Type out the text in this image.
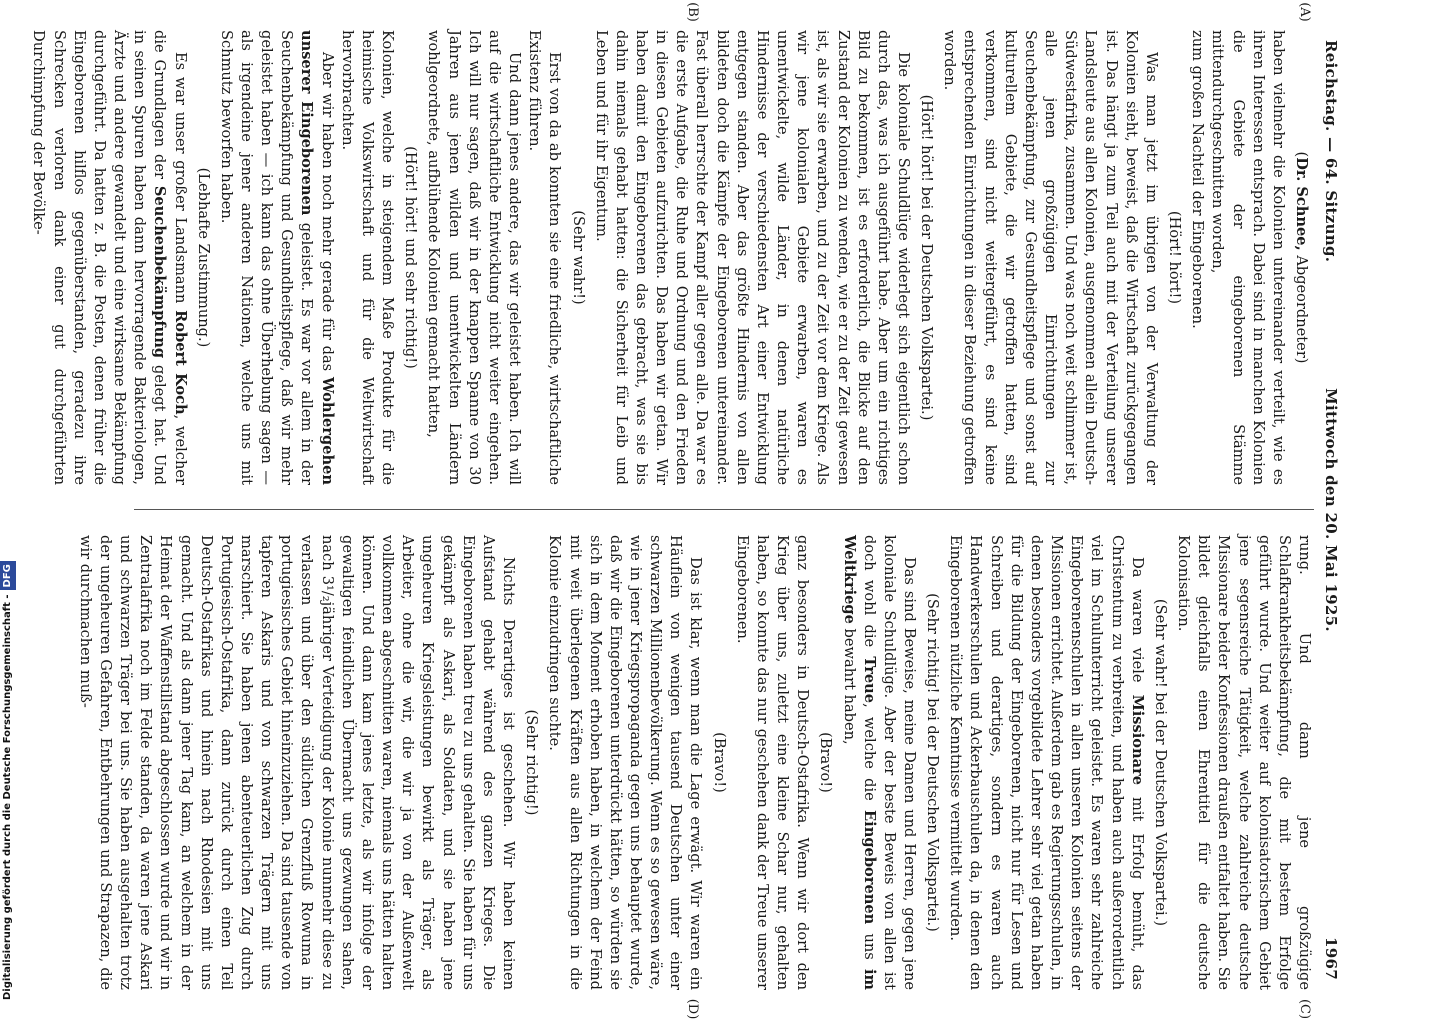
Reichstag. — 64. Sitzung.
Mittwoch den 20. Mai 1925.
1967
(A)
(B)
(C)
(D)

(Dr. Schnee, Abgeordneter)

haben vielmehr die Kolonien untereinander verteilt, wie es ihren Interessen entsprach. Dabei sind in manchen Kolonien die Gebiete der eingeborenen Stämme mittendurchgeschnitten worden,

zum großen Nachteil der Eingeborenen.

(Hört! hört!)

Was man jetzt im übrigen von der Verwaltung der Kolonien sieht, beweist, daß die Wirtschaft zurückgegangen ist. Das hängt ja zum Teil auch mit der Verteilung unserer Landsleute aus allen Kolonien, ausgenommen allein Deutsch-Südwestafrika, zusammen. Und was noch weit schlimmer ist, alle jenen großzügigen Einrichtungen zur Seuchenbekämpfung, zur Gesundheitspflege und sonst auf kulturellem Gebiete, die wir getroffen hatten, sind verkommen, sind nicht weitergeführt, es sind keine entsprechenden Einrichtungen in dieser Beziehung getroffen worden.

(Hört! hört! bei der Deutschen Volkspartei.)

Die koloniale Schuldlüge widerlegt sich eigentlich schon durch das, was ich ausgeführt habe. Aber um ein richtiges Bild zu bekommen, ist es erforderlich, die Blicke auf den Zustand der Kolonien zu wenden, wie er zu der Zeit gewesen ist, als wir sie erwarben, und zu der Zeit vor dem Kriege. Als wir jene kolonialen Gebiete erwarben, waren es unentwickelte, wilde Länder, in denen natürliche Hindernisse der verschiedensten Art einer Entwicklung entgegen standen. Aber das größte Hindernis von allen bildeten doch die Kämpfe der Eingeborenen untereinander. Fast überall herrschte der Kampf aller gegen alle. Da war es die erste Aufgabe, die Ruhe und Ordnung und den Frieden in diesen Gebieten aufzurichten. Das haben wir getan. Wir haben damit den Eingeborenen das gebracht, was sie bis dahin niemals gehabt hatten: die Sicherheit für Leib und Leben und für ihr Eigentum.

(Sehr wahr!)

Erst von da ab konnten sie eine friedliche, wirtschaftliche Existenz führen.

Und dann jenes andere, das wir geleistet haben. Ich will auf die wirtschaftliche Entwicklung nicht weiter eingehen. Ich will nur sagen, daß wir in der knappen Spanne von 30 Jahren aus jenen wilden und unentwickelten Ländern wohlgeordnete, aufblühende Kolonien gemacht hatten,

(Hört! hört! und sehr richtig!)

Kolonien, welche in steigendem Maße Produkte für die heimische Volkswirtschaft und für die Weltwirtschaft hervorbrachten.

Aber wir haben noch mehr gerade für das Wohlergehen unserer Eingeborenen geleistet. Es war vor allem in der Seuchenbekämpfung und Gesundheitspflege, daß wir mehr geleistet haben — ich kann das ohne Überhebung sagen — als irgendeine jener anderen Nationen, welche uns mit Schmutz beworfen haben.

(Lebhafte Zustimmung.)

Es war unser großer Landsmann Robert Koch, welcher die Grundlagen der Seuchenbekämpfung gelegt hat. Und in seinen Spuren haben dann hervorragende Bakteriologen, Ärzte und andere gewandelt und eine wirksame Bekämpfung durchgeführt. Da hatten z. B. die Posten, denen früher die Eingeborenen hilflos gegenüberstanden, geradezu ihre Schrecken verloren dank einer gut durchgeführten Durchimpfung der Bevölke-

rung. Und dann jene großzügige Schlafkrankheitsbekämpfung, die mit bestem Erfolge geführt wurde. Und weiter auf kolonisatorischem Gebiet jene segensreiche Tätigkeit, welche zahlreiche deutsche Missionare beider Konfessionen draußen entfaltet haben. Sie bildet gleichfalls einen Ehrentitel für die deutsche Kolonisation.

(Sehr wahr! bei der Deutschen Volkspartei.)

Da waren viele Missionare mit Erfolg bemüht, das Christentum zu verbreiten, und haben auch außerordentlich viel im Schulunterricht geleistet. Es waren sehr zahlreiche Eingeborenenschulen in allen unseren Kolonien seitens der Missionen errichtet. Außerdem gab es Regierungsschulen, in denen besonders vorgebildete Lehrer sehr viel getan haben für die Bildung der Eingeborenen, nicht nur für Lesen und Schreiben und derartiges, sondern es waren auch Handwerkerschulen und Ackerbauschulen da, in denen den Eingeborenen nützliche Kenntnisse vermittelt wurden.

(Sehr richtig! bei der Deutschen Volkspartei.)

Das sind Beweise, meine Damen und Herren, gegen jene koloniale Schuldlüge. Aber der beste Beweis von allen ist doch wohl die Treue, welche die Eingeborenen uns im Weltkriege bewahrt haben,

(Bravo!)

ganz besonders in Deutsch-Ostafrika. Wenn wir dort den Krieg über uns, zuletzt eine kleine Schar nur, gehalten haben, so konnte das nur geschehen dank der Treue unserer Eingeborenen.

(Bravo!)

Das ist klar, wenn man die Lage erwägt. Wir waren ein Häuflein von wenigen tausend Deutschen unter einer schwarzen Millionenbevölkerung. Wenn es so gewesen wäre, wie in jener Kriegspropaganda gegen uns behauptet wurde, daß wir die Eingeborenen unterdrückt hätten, so würden sie sich in dem Moment erhoben haben, in welchem der Feind mit weit überlegenen Kräften aus allen Richtungen in die Kolonie einzudringen suchte.

(Sehr richtig!)

Nichts Derartiges ist geschehen. Wir haben keinen Aufstand gehabt während des ganzen Krieges. Die Eingeborenen haben treu zu uns gehalten. Sie haben für uns gekämpft als Askari, als Soldaten, und sie haben jene ungeheuren Kriegsleistungen bewirkt als Träger, als Arbeiter, ohne die wir, die wir ja von der Außenwelt vollkommen abgeschnitten waren, niemals uns hätten halten können. Und dann kam jenes letzte, als wir infolge der gewaltigen feindlichen Übermacht uns gezwungen sahen, nach 3¹/₂jähriger Verteidigung der Kolonie nunmehr diese zu verlassen und über den südlichen Grenzfluß Rowuma in portugiesisches Gebiet hineinzuziehen. Da sind tausende von tapferen Askaris und von schwarzen Trägern mit uns marschiert. Sie haben jenen abenteuerlichen Zug durch Portugiesisch-Ostafrika, dann zurück durch einen Teil Deutsch-Ostafrikas und hinein nach Rhodesien mit uns gemacht. Und als dann jener Tag kam, an welchem in der Heimat der Waffenstillstand abgeschlossen wurde und wir in Zentralafrika noch im Felde standen, da waren jene Askari und schwarzen Träger bei uns. Sie haben ausgehalten trotz der ungeheuren Gefahren, Entbehrungen und Strapazen, die wir durchmachen muß-

Digitalisierung gefördert durch die Deutsche Forschungsgemeinschaft -DFG
